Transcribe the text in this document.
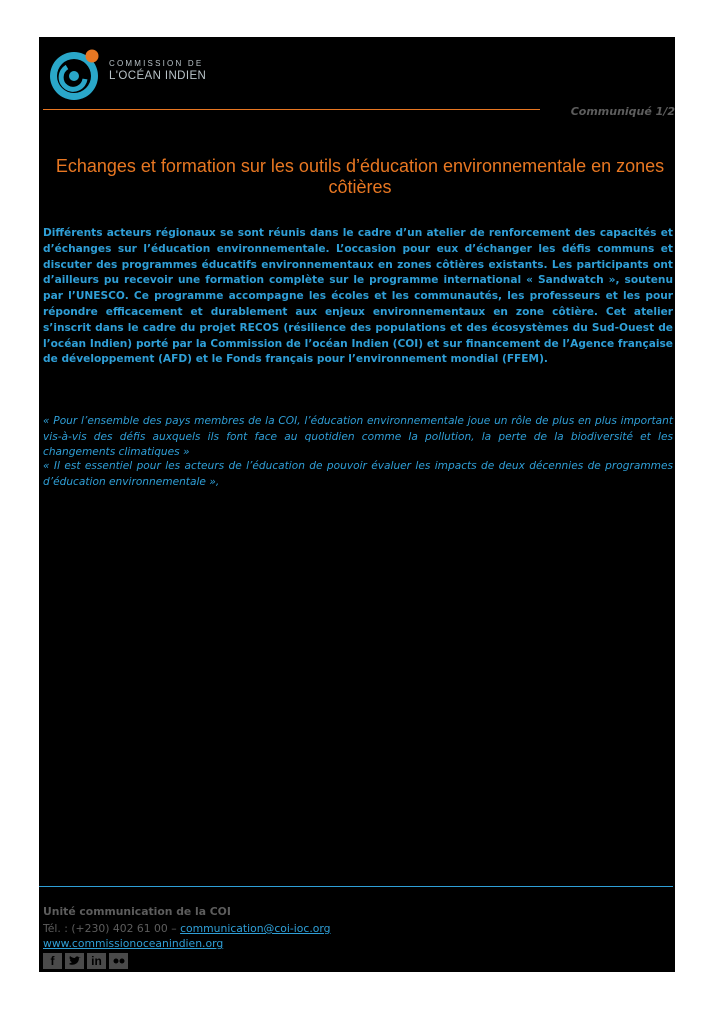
COMMISSION DE
L'OCÉAN INDIEN
Communiqué 1/2
Echanges et formation sur les outils d’éducation environnementale en zones côtières

Différents acteurs régionaux se sont réunis dans le cadre d’un atelier de renforcement des capacités et d’échanges sur l’éducation environnementale. L’occasion pour eux d’échanger les défis communs et discuter des programmes éducatifs environnementaux en zones côtières existants. Les participants ont d’ailleurs pu recevoir une formation complète sur le programme international « Sandwatch », soutenu par l’UNESCO. Ce programme accompagne les écoles et les communautés, les professeurs et les pour répondre efficacement et durablement aux enjeux environnementaux en zone côtière. Cet atelier s’inscrit dans le cadre du projet RECOS (résilience des populations et des écosystèmes du Sud-Ouest de l’océan Indien) porté par la Commission de l’océan Indien (COI) et sur financement de l’Agence française de développement (AFD) et le Fonds français pour l’environnement mondial (FFEM).

« Pour l’ensemble des pays membres de la COI, l’éducation environnementale joue un rôle de plus en plus important vis-à-vis des défis auxquels ils font face au quotidien comme la pollution, la perte de la biodiversité et les changements climatiques »

« Il est essentiel pour les acteurs de l’éducation de pouvoir évaluer les impacts de deux décennies de programmes d’éducation environnementale »,

Unité communication de la COI
Tél. : (+230) 402 61 00 – communication@coi-ioc.org
www.commissionoceanindien.org
f	in
